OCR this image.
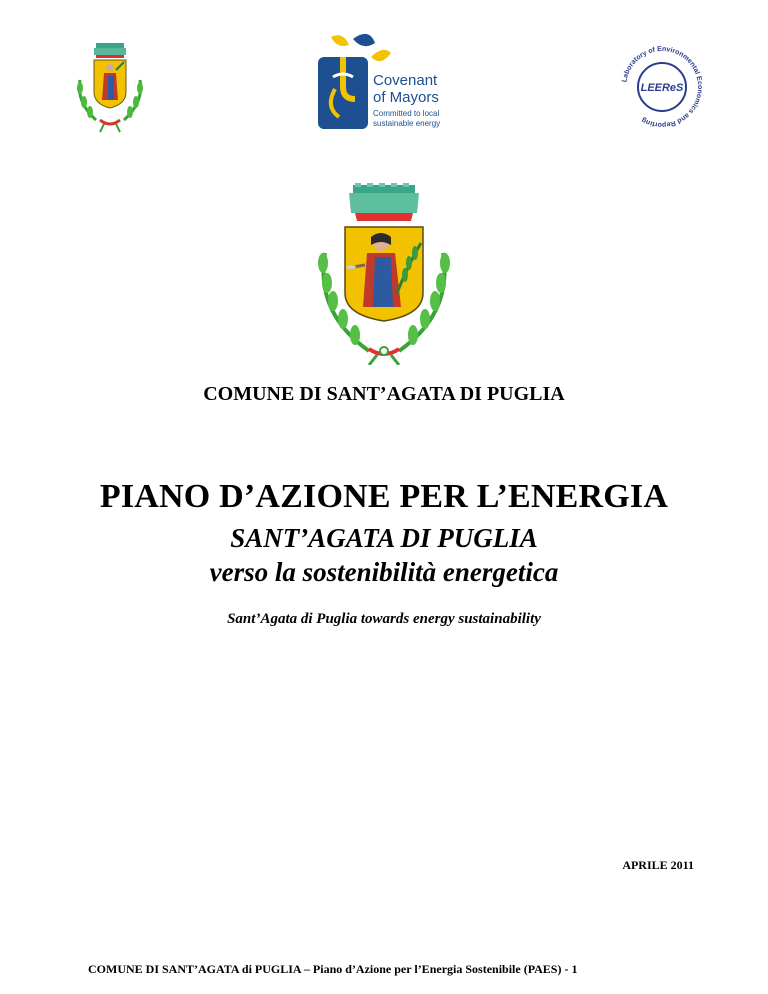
Covenant
of Mayors
Committed to local
sustainable energy
Laboratory of Environmental Economics and Reporting
LEEReS
COMUNE DI SANT’AGATA DI PUGLIA
PIANO D’AZIONE PER L’ENERGIA
SANT’AGATA DI PUGLIA
verso la sostenibilità energetica
Sant’Agata di Puglia towards energy sustainability
APRILE 2011
COMUNE DI SANT’AGATA di PUGLIA – Piano d’Azione per l’Energia Sostenibile (PAES) - 1
